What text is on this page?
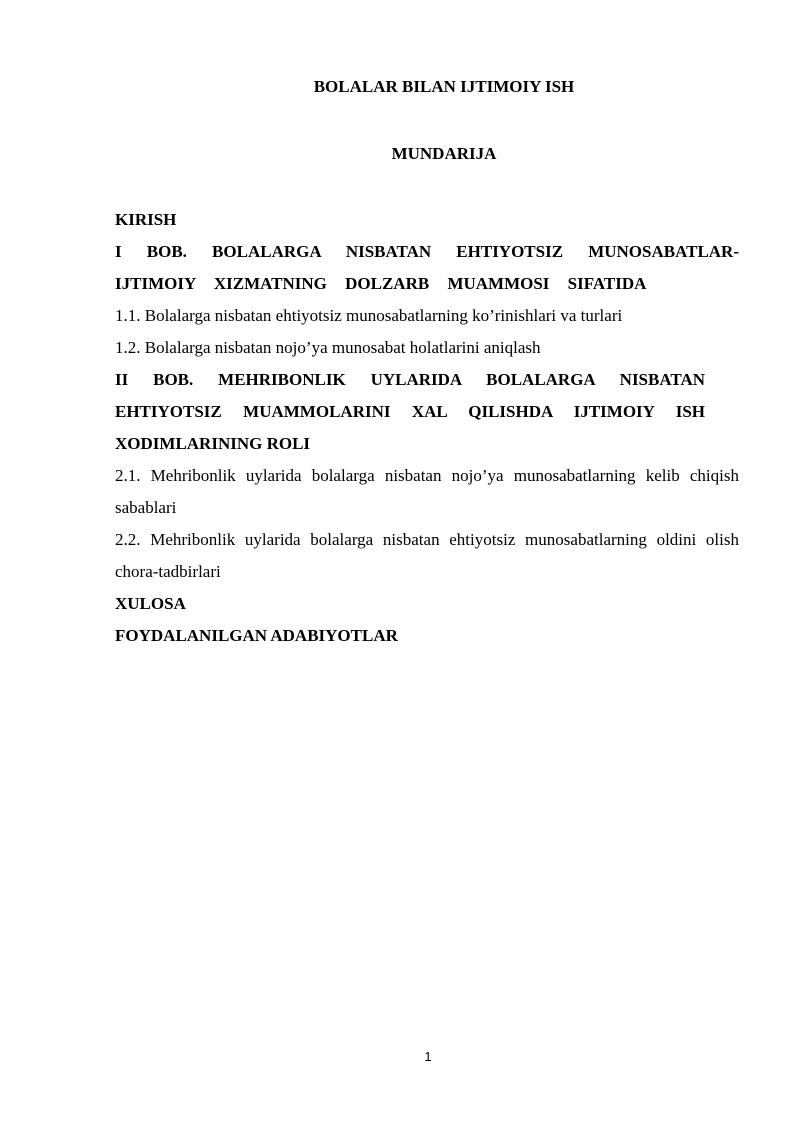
BOLALAR BILAN IJTIMOIY ISH
MUNDARIJA

KIRISH

I BOB. BOLALARGA NISBATAN EHTIYOTSIZ MUNOSABATLAR-IJTIMOIY XIZMATNING DOLZARB MUAMMOSI SIFATIDA

1.1. Bolalarga nisbatan ehtiyotsiz munosabatlarning ko’rinishlari va turlari

1.2. Bolalarga nisbatan nojo’ya munosabat holatlarini aniqlash

II BOB. MEHRIBONLIK UYLARIDA BOLALARGA NISBATAN EHTIYOTSIZ MUAMMOLARINI XAL QILISHDA IJTIMOIY ISH XODIMLARINING ROLI

2.1. Mehribonlik uylarida bolalarga nisbatan nojo’ya munosabatlarning kelib chiqish sabablari

2.2. Mehribonlik uylarida bolalarga nisbatan ehtiyotsiz munosabatlarning oldini olish chora-tadbirlari

XULOSA

FOYDALANILGAN ADABIYOTLAR

1
